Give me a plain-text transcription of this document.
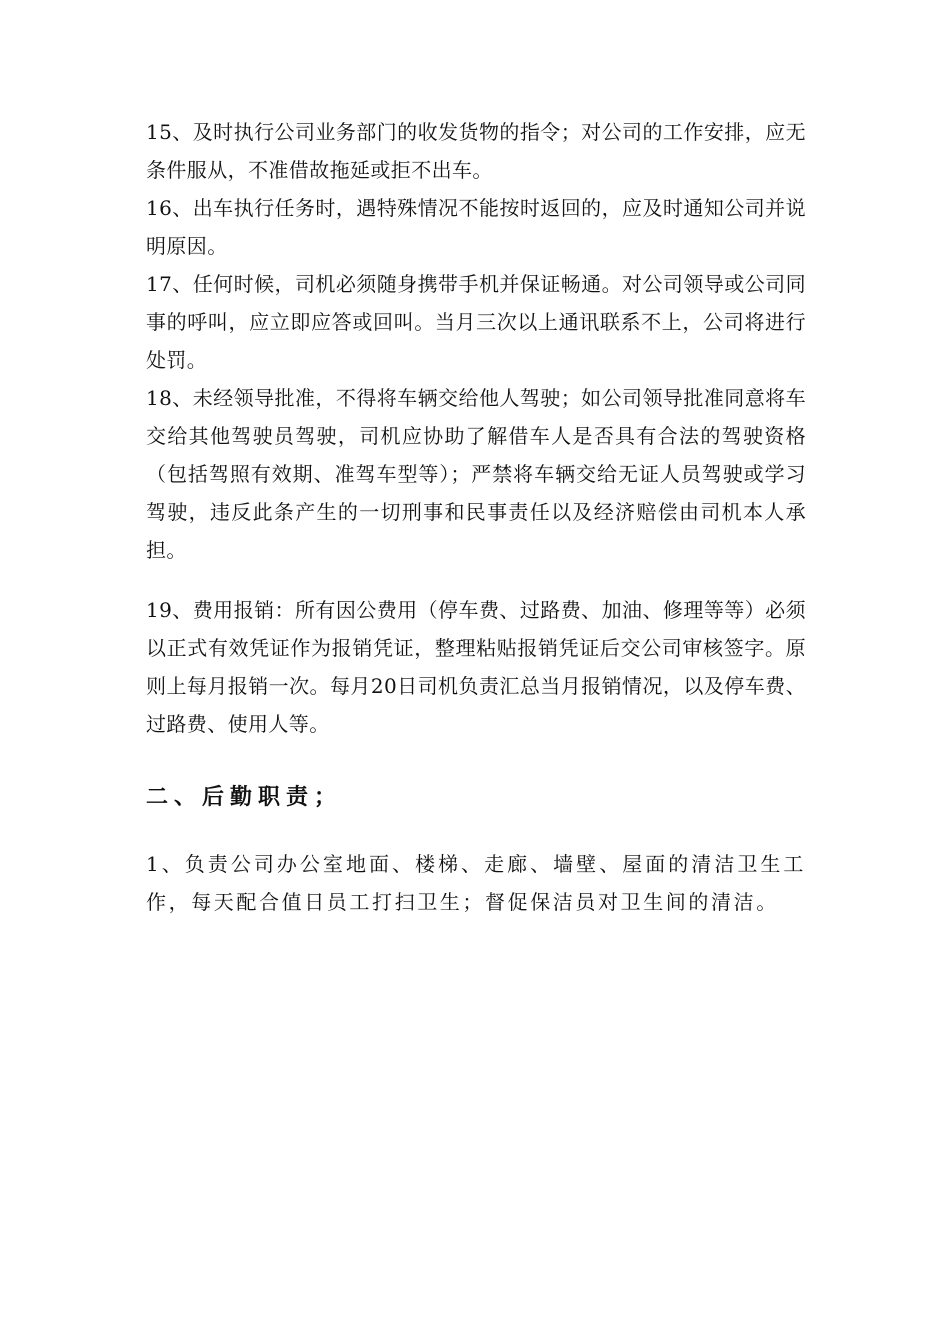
15、及时执行公司业务部门的收发货物的指令；对公司的工作安排，应无条件服从，不准借故拖延或拒不出车。

16、出车执行任务时，遇特殊情况不能按时返回的，应及时通知公司并说明原因。

17、任何时候，司机必须随身携带手机并保证畅通。对公司领导或公司同事的呼叫，应立即应答或回叫。当月三次以上通讯联系不上，公司将进行处罚。

18、未经领导批准，不得将车辆交给他人驾驶；如公司领导批准同意将车交给其他驾驶员驾驶，司机应协助了解借车人是否具有合法的驾驶资格（包括驾照有效期、准驾车型等）；严禁将车辆交给无证人员驾驶或学习驾驶，违反此条产生的一切刑事和民事责任以及经济赔偿由司机本人承担。

19、费用报销：所有因公费用（停车费、过路费、加油、修理等等）必须以正式有效凭证作为报销凭证，整理粘贴报销凭证后交公司审核签字。原则上每月报销一次。每月20日司机负责汇总当月报销情况，以及停车费、过路费、使用人等。

二、后勤职责；

1、负责公司办公室地面、楼梯、走廊、墙壁、屋面的清洁卫生工作，每天配合值日员工打扫卫生；督促保洁员对卫生间的清洁。
